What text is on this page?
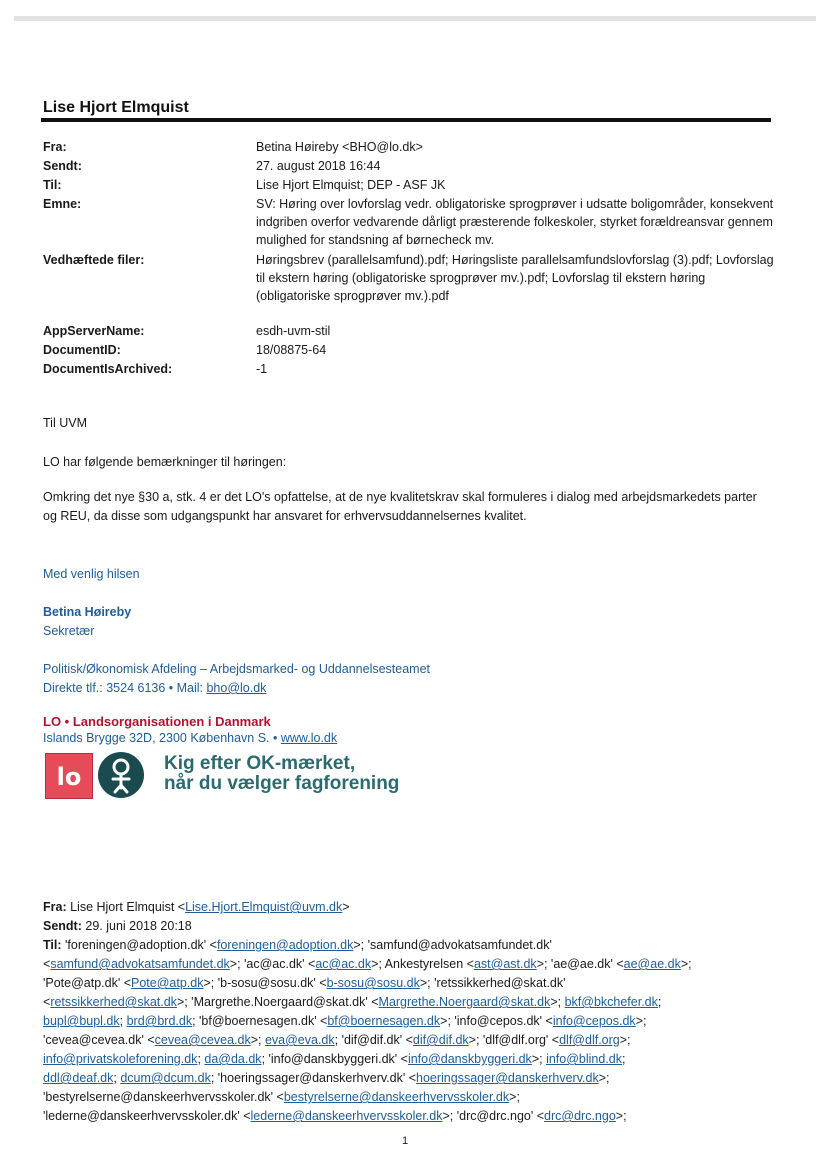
Lise Hjort Elmquist
Fra:	Betina Høireby <BHO@lo.dk>
Sendt:	27. august 2018 16:44
Til:	Lise Hjort Elmquist; DEP - ASF JK
Emne:	SV: Høring over lovforslag vedr. obligatoriske sprogprøver i udsatte boligområder, konsekvent indgriben overfor vedvarende dårligt præsterende folkeskoler, styrket forældreansvar gennem mulighed for standsning af børnecheck mv.
Vedhæftede filer:	Høringsbrev (parallelsamfund).pdf; Høringsliste parallelsamfundslovforslag (3).pdf; Lovforslag til ekstern høring (obligatoriske sprogprøver mv.).pdf; Lovforslag til ekstern høring (obligatoriske sprogprøver mv.).pdf
AppServerName:	esdh-uvm-stil
DocumentID:	18/08875-64
DocumentIsArchived:	-1
Til UVM
LO har følgende bemærkninger til høringen:
Omkring det nye §30 a, stk. 4 er det LO's opfattelse, at de nye kvalitetskrav skal formuleres i dialog med arbejdsmarkedets parter og REU, da disse som udgangspunkt har ansvaret for erhvervsuddannelsernes kvalitet.
Med venlig hilsen
Betina Høireby
Sekretær
Politisk/Økonomisk Afdeling – Arbejdsmarked- og Uddannelsesteamet
Direkte tlf.: 3524 6136 • Mail: bho@lo.dk
LO • Landsorganisationen i Danmark
Islands Brygge 32D, 2300 København S. • www.lo.dk
lo	Kig efter OK-mærket,
når du vælger fagforening
Fra: Lise Hjort Elmquist <Lise.Hjort.Elmquist@uvm.dk>
Sendt: 29. juni 2018 20:18
Til: 'foreningen@adoption.dk' <foreningen@adoption.dk>; 'samfund@advokatsamfundet.dk'
<samfund@advokatsamfundet.dk>; 'ac@ac.dk' <ac@ac.dk>; Ankestyrelsen <ast@ast.dk>; 'ae@ae.dk' <ae@ae.dk>;
'Pote@atp.dk' <Pote@atp.dk>; 'b-sosu@sosu.dk' <b-sosu@sosu.dk>; 'retssikkerhed@skat.dk'
<retssikkerhed@skat.dk>; 'Margrethe.Noergaard@skat.dk' <Margrethe.Noergaard@skat.dk>; bkf@bkchefer.dk;
bupl@bupl.dk; brd@brd.dk; 'bf@boernesagen.dk' <bf@boernesagen.dk>; 'info@cepos.dk' <info@cepos.dk>;
'cevea@cevea.dk' <cevea@cevea.dk>; eva@eva.dk; 'dif@dif.dk' <dif@dif.dk>; 'dlf@dlf.org' <dlf@dlf.org>;
info@privatskoleforening.dk; da@da.dk; 'info@danskbyggeri.dk' <info@danskbyggeri.dk>; info@blind.dk;
ddl@deaf.dk; dcum@dcum.dk; 'hoeringssager@danskerhverv.dk' <hoeringssager@danskerhverv.dk>;
'bestyrelserne@danskeerhvervsskoler.dk' <bestyrelserne@danskeerhvervsskoler.dk>;
'lederne@danskeerhvervsskoler.dk' <lederne@danskeerhvervsskoler.dk>; 'drc@drc.ngo' <drc@drc.ngo>;
1
